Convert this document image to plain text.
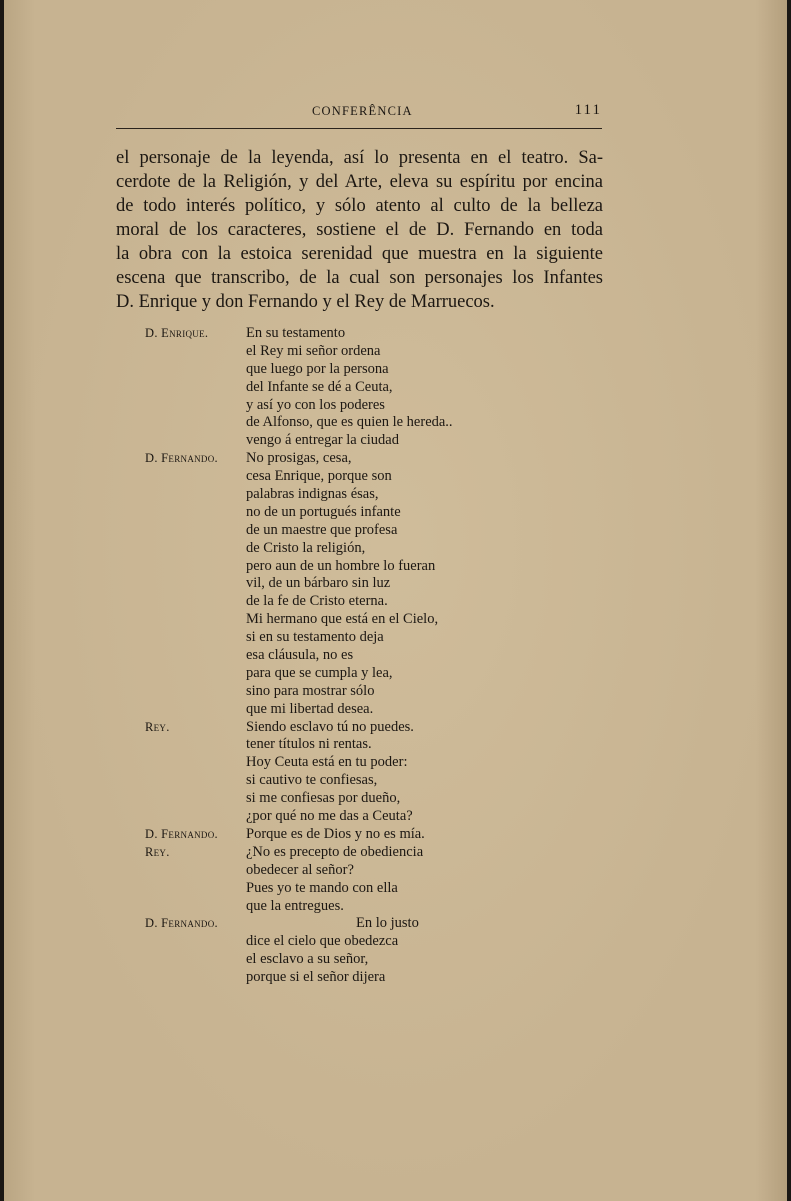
CONFERÊNCIA	111
el personaje de la leyenda, así lo presenta en el teatro. Sa-
cerdote de la Religión, y del Arte, eleva su espíritu por encina
de todo interés político, y sólo atento al culto de la belleza
moral de los caracteres, sostiene el de D. Fernando en toda
la obra con la estoica serenidad que muestra en la siguiente
escena que transcribo, de la cual son personajes los Infantes
D. Enrique y don Fernando y el Rey de Marruecos.
D. Enrique.	En su testamento
el Rey mi señor ordena
que luego por la persona
del Infante se dé a Ceuta,
y así yo con los poderes
de Alfonso, que es quien le hereda..
vengo á entregar la ciudad
D. Fernando. No prosigas, cesa,
cesa Enrique, porque son
palabras indignas ésas,
no de un portugués infante
de un maestre que profesa
de Cristo la religión,
pero aun de un hombre lo fueran
vil, de un bárbaro sin luz
de la fe de Cristo eterna.
Mi hermano que está en el Cielo,
si en su testamento deja
esa cláusula, no es
para que se cumpla y lea,
sino para mostrar sólo
que mi libertad desea.
Rey.	Siendo esclavo tú no puedes.
tener títulos ni rentas.
Hoy Ceuta está en tu poder:
si cautivo te confiesas,
si me confiesas por dueño,
¿por qué no me das a Ceuta?
D. Fernando. Porque es de Dios y no es mía.
Rey.	¿No es precepto de obediencia
obedecer al señor?
Pues yo te mando con ella
que la entregues.
D. Fernando.	En lo justo
dice el cielo que obedezca
el esclavo a su señor,
porque si el señor dijera
